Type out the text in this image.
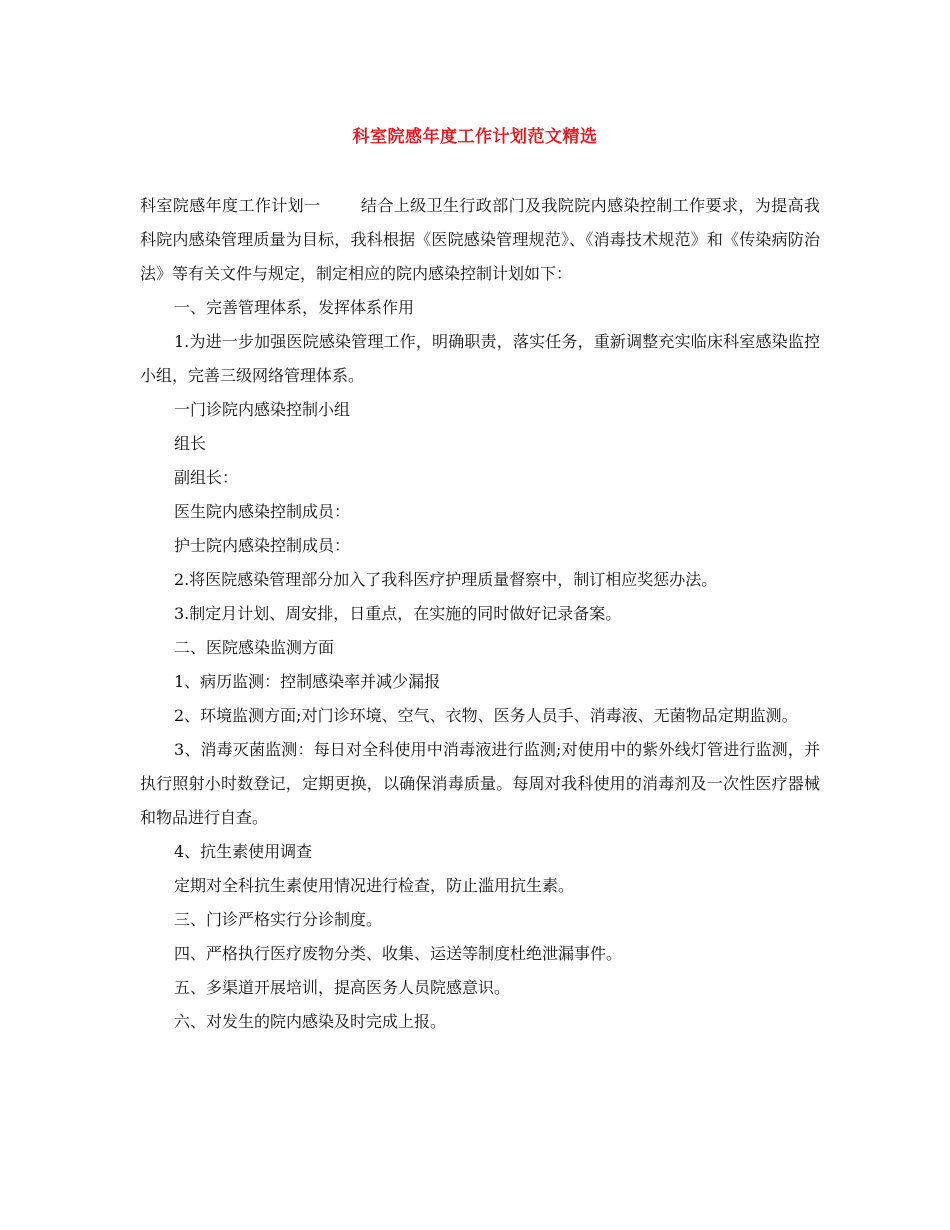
科室院感年度工作计划范文精选

科室院感年度工作计划一	结合上级卫生行政部门及我院院内感染控制工作要求，为提高我科院内感染管理质量为目标，我科根据《医院感染管理规范》、《消毒技术规范》和《传染病防治法》等有关文件与规定，制定相应的院内感染控制计划如下：

一、完善管理体系，发挥体系作用

1.为进一步加强医院感染管理工作，明确职责，落实任务，重新调整充实临床科室感染监控小组，完善三级网络管理体系。

一门诊院内感染控制小组

组长

副组长：

医生院内感染控制成员：

护士院内感染控制成员：

2.将医院感染管理部分加入了我科医疗护理质量督察中，制订相应奖惩办法。

3.制定月计划、周安排，日重点，在实施的同时做好记录备案。

二、医院感染监测方面

1、病历监测：控制感染率并减少漏报

2、环境监测方面;对门诊环境、空气、衣物、医务人员手、消毒液、无菌物品定期监测。

3、消毒灭菌监测：每日对全科使用中消毒液进行监测;对使用中的紫外线灯管进行监测，并执行照射小时数登记，定期更换，以确保消毒质量。每周对我科使用的消毒剂及一次性医疗器械和物品进行自查。

4、抗生素使用调查

定期对全科抗生素使用情况进行检查，防止滥用抗生素。

三、门诊严格实行分诊制度。

四、严格执行医疗废物分类、收集、运送等制度杜绝泄漏事件。

五、多渠道开展培训，提高医务人员院感意识。

六、对发生的院内感染及时完成上报。
